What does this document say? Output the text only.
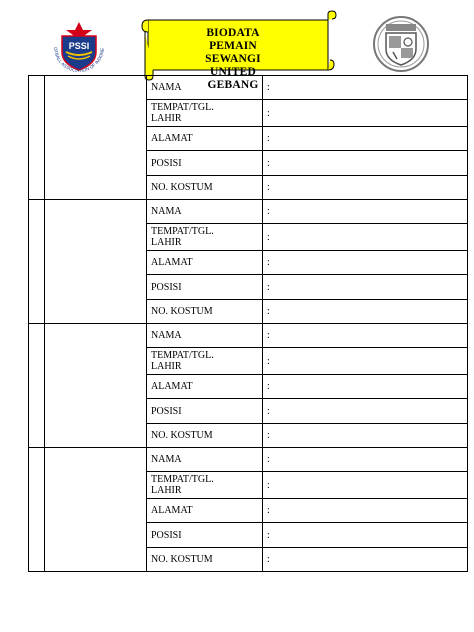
PSSI
OTBALL ASSOCIATION OF INDONE
BIODATA
PEMAIN
SEWANGI
UNITED
GEBANG
		NAMA	:

		TEMPAT/TGL.
LAHIR	:
		ALAMAT	:
		POSISI	:
		NO. KOSTUM	:
		NAMA	:

		TEMPAT/TGL.
LAHIR	:
		ALAMAT	:
		POSISI	:
		NO. KOSTUM	:
		NAMA	:

		TEMPAT/TGL.
LAHIR	:
		ALAMAT	:
		POSISI	:
		NO. KOSTUM	:
		NAMA	:

		TEMPAT/TGL.
LAHIR	:
		ALAMAT	:
		POSISI	:
		NO. KOSTUM	:
